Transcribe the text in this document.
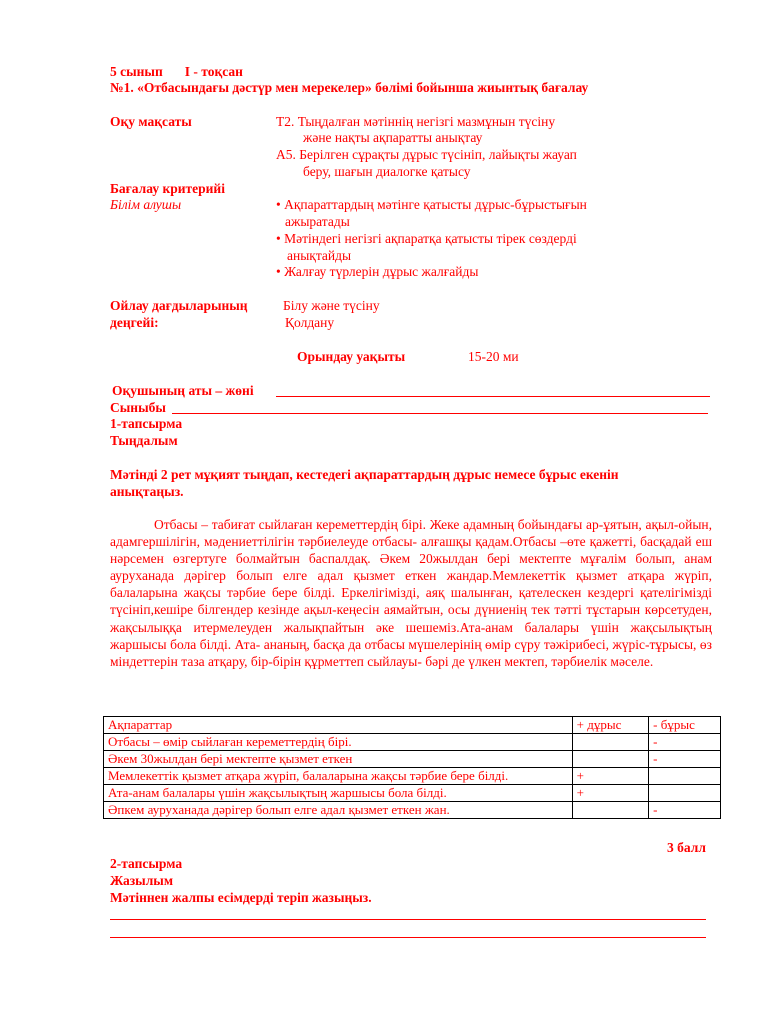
5 сынып I - тоқсан
№1. «Отбасындағы дәстүр мен мерекелер» бөлімі бойынша жиынтық бағалау
Оқу мақсаты	Т2. Тыңдалған мәтіннің негізгі мазмұнын түсіну
және нақты ақпаратты анықтау
А5. Берілген сұрақты дұрыс түсініп, лайықты жауап
беру, шағын диалогке қатысу
Бағалау критерийі
Білім алушы	• Ақпараттардың мәтінге қатысты дұрыс-бұрыстығын
ажыратады
• Мәтіндегі негізгі ақпаратқа қатысты тірек сөздерді
анықтайды
• Жалғау түрлерін дұрыс жалғайды
Ойлау дағдыларының
деңгейі:
Білу және түсіну
Қолдану
Орындау уақыты	15-20 ми
Оқушының аты – жөні
Сыныбы
1-тапсырма
Тыңдалым
Мәтінді 2 рет мұқият тыңдап, кестедегі ақпараттардың дұрыс немесе бұрыс екенін
анықтаңыз.
Отбасы – табиғат сыйлаған кереметтердің бірі. Жеке адамның бойындағы ар-ұятын, ақыл-ойын, адамгершілігін, мәдениеттілігін тәрбиелеуде отбасы- алғашқы қадам.Отбасы –өте қажетті, басқадай еш нәрсемен өзгертуге болмайтын баспалдақ. Әкем 20жылдан бері мектепте мұғалім болып, анам ауруханада дәрігер болып елге адал қызмет еткен жандар.Мемлекеттік қызмет атқара жүріп, балаларына жақсы тәрбие бере білді. Еркелігімізді, аяқ шалынған, қателескен кездергі қателігімізді түсініп,кешіре білгендер кезінде ақыл-кеңесін аямайтын, осы дүниенің тек тәтті тұстарын көрсетуден, жақсылыққа итермелеуден жалықпайтын әке шешеміз.Ата-анам балалары үшін жақсылықтың жаршысы бола білді. Ата- ананың, басқа да отбасы мүшелерінің өмір сүру тәжірибесі, жүріс-тұрысы, өз міндеттерін таза атқару, бір-бірін құрметтеп сыйлауы- бәрі де үлкен мектеп, тәрбиелік мәселе.
Ақпараттар	+ дұрыс	- бұрыс
Отбасы – өмір сыйлаған кереметтердің бірі.		-
Әкем 30жылдан бері мектепте қызмет еткен		-
Мемлекеттік қызмет атқара жүріп, балаларына жақсы тәрбие бере білді.	+	
Ата-анам балалары үшін жақсылықтың жаршысы бола білді.	+	
Әпкем ауруханада дәрігер болып елге адал қызмет еткен жан.		-
3 балл
2-тапсырма
Жазылым
Мәтіннен жалпы есімдерді теріп жазыңыз.
